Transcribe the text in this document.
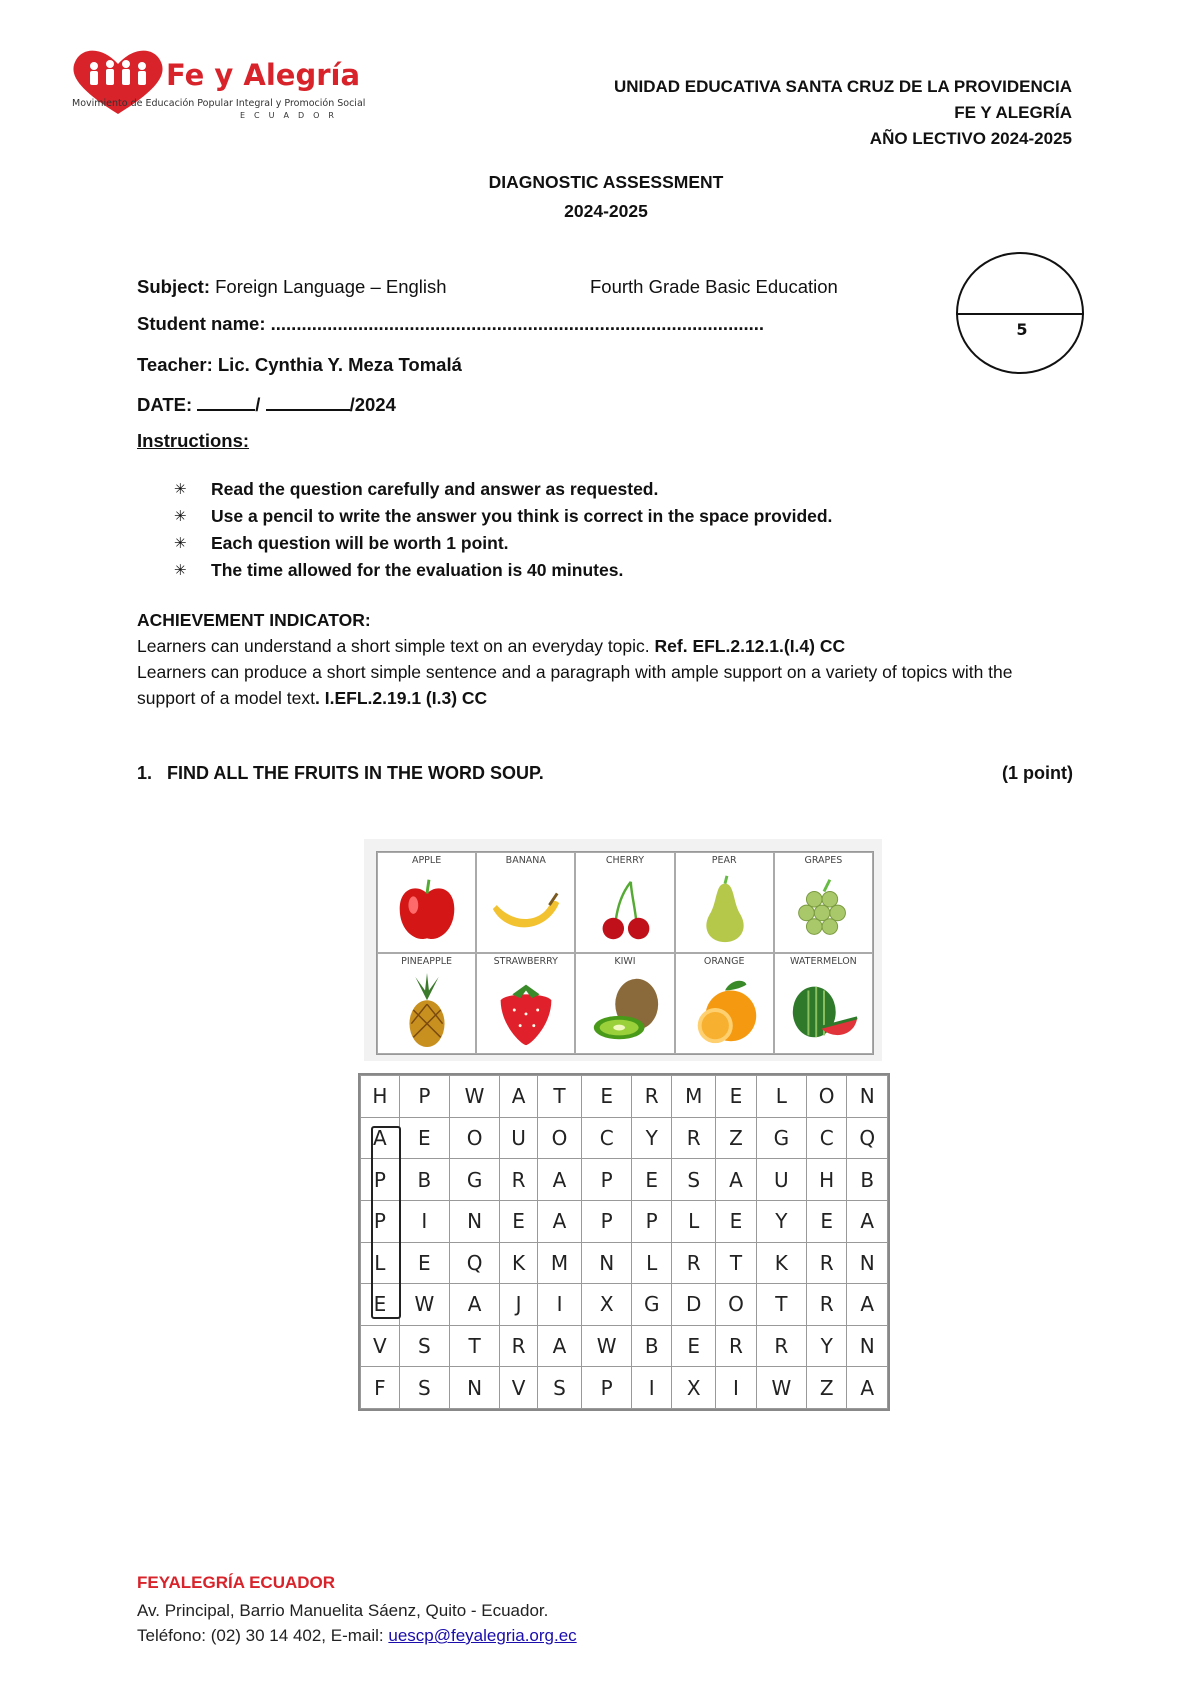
Fe y Alegría
Movimiento de Educación Popular Integral y Promoción Social
ECUADOR
UNIDAD EDUCATIVA SANTA CRUZ DE LA PROVIDENCIA
FE Y ALEGRÍA
AÑO LECTIVO 2024-2025
DIAGNOSTIC ASSESSMENT
2024-2025
Subject: Foreign Language – English	Fourth Grade Basic Education
Student name: ................................................................................................
Teacher: Lic. Cynthia Y. Meza Tomalá
DATE:	/	/2024
5
Instructions:
✳ Read the question carefully and answer as requested.
✳ Use a pencil to write the answer you think is correct in the space provided.
✳ Each question will be worth 1 point.
✳ The time allowed for the evaluation is 40 minutes.
ACHIEVEMENT INDICATOR:
Learners can understand a short simple text on an everyday topic. Ref. EFL.2.12.1.(I.4) CC
Learners can produce a short simple sentence and a paragraph with ample support on a variety of topics with the support of a model text. I.EFL.2.19.1 (I.3) CC
1. FIND ALL THE FRUITS IN THE WORD SOUP.	(1 point)
APPLE	BANANA	CHERRY	PEAR	GRAPES
PINEAPPLE	STRAWBERRY	KIWI	ORANGE	WATERMELON
H	P	W	A	T	E	R	M	E	L	O	N
A	E	O	U	O	C	Y	R	Z	G	C	Q
P	B	G	R	A	P	E	S	A	U	H	B
P	I	N	E	A	P	P	L	E	Y	E	A
L	E	Q	K	M	N	L	R	T	K	R	N
E	W	A	J	I	X	G	D	O	T	R	A
V	S	T	R	A	W	B	E	R	R	Y	N
F	S	N	V	S	P	I	X	I	W	Z	A
FEYALEGRÍA ECUADOR
Av. Principal, Barrio Manuelita Sáenz, Quito - Ecuador.
Teléfono: (02) 30 14 402, E-mail: uescp@feyalegria.org.ec
